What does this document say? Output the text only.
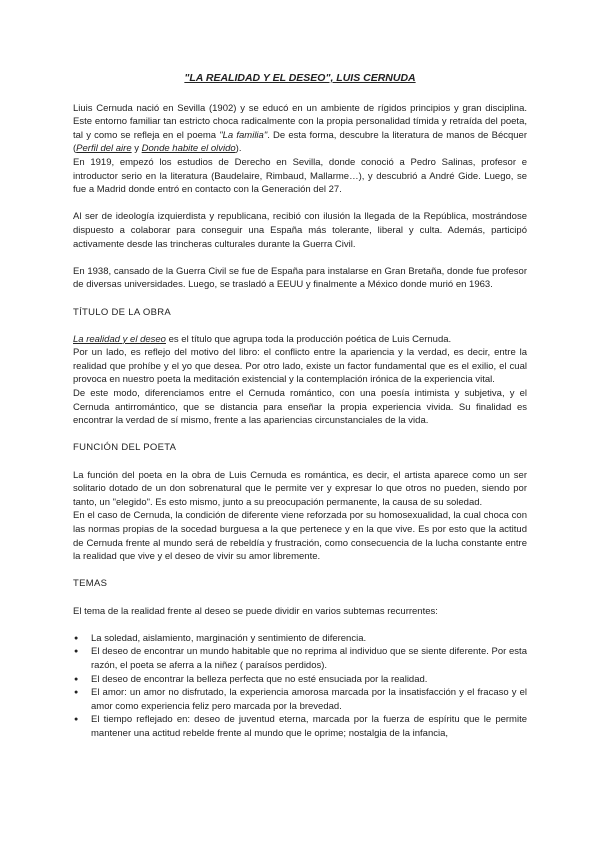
"LA REALIDAD Y EL DESEO", LUIS CERNUDA

Liuis Cernuda nació en Sevilla (1902) y se educó en un ambiente de rígidos principios y gran disciplina. Este entorno familiar tan estricto choca radicalmente con la propia personalidad tímida y retraída del poeta, tal y como se refleja en el poema "La familia". De esta forma, descubre la literatura de manos de Bécquer (Perfil del aire y Donde habite el olvido).

En 1919, empezó los estudios de Derecho en Sevilla, donde conoció a Pedro Salinas, profesor e introductor serio en la literatura (Baudelaire, Rimbaud, Mallarme…), y descubrió a André Gide. Luego, se fue a Madrid donde entró en contacto con la Generación del 27.

Al ser de ideología izquierdista y republicana, recibió con ilusión la llegada de la República, mostrándose dispuesto a colaborar para conseguir una España más tolerante, liberal y culta. Además, participó activamente desde las trincheras culturales durante la Guerra Civil.

En 1938, cansado de la Guerra Civil se fue de España para instalarse en Gran Bretaña, donde fue profesor de diversas universidades. Luego, se trasladó a EEUU y finalmente a México donde murió en 1963.

TÍTULO DE LA OBRA

La realidad y el deseo es el título que agrupa toda la producción poética de Luis Cernuda.

Por un lado, es reflejo del motivo del libro: el conflicto entre la apariencia y la verdad, es decir, entre la realidad que prohíbe y el yo que desea. Por otro lado, existe un factor fundamental que es el exilio, el cual provoca en nuestro poeta la meditación existencial y la contemplación irónica de la experiencia vital.

De este modo, diferenciamos entre el Cernuda romántico, con una poesía intimista y subjetiva, y el Cernuda antirromántico, que se distancia para enseñar la propia experiencia vivida. Su finalidad es encontrar la verdad de sí mismo, frente a las apariencias circunstanciales de la vida.

FUNCIÓN DEL POETA

La función del poeta en la obra de Luis Cernuda es romántica, es decir, el artista aparece como un ser solitario dotado de un don sobrenatural que le permite ver y expresar lo que otros no pueden, siendo por tanto, un "elegido". Es esto mismo, junto a su preocupación permanente, la causa de su soledad.

En el caso de Cernuda, la condición de diferente viene reforzada por su homosexualidad, la cual choca con las normas propias de la socedad burguesa a la que pertenece y en la que vive. Es por esto que la actitud de Cernuda frente al mundo será de rebeldía y frustración, como consecuencia de la lucha constante entre la realidad que vive y el deseo de vivir su amor libremente.

TEMAS

El tema de la realidad frente al deseo se puede dividir en varios subtemas recurrentes:

● La soledad, aislamiento, marginación y sentimiento de diferencia.
● El deseo de encontrar un mundo habitable que no reprima al individuo que se siente diferente. Por esta razón, el poeta se aferra a la niñez ( paraísos perdidos).
● El deseo de encontrar la belleza perfecta que no esté ensuciada por la realidad.
● El amor: un amor no disfrutado, la experiencia amorosa marcada por la insatisfacción y el fracaso y el amor como experiencia feliz pero marcada por la brevedad.
● El tiempo reflejado en: deseo de juventud eterna, marcada por la fuerza de espíritu que le permite mantener una actitud rebelde frente al mundo que le oprime; nostalgia de la infancia,
